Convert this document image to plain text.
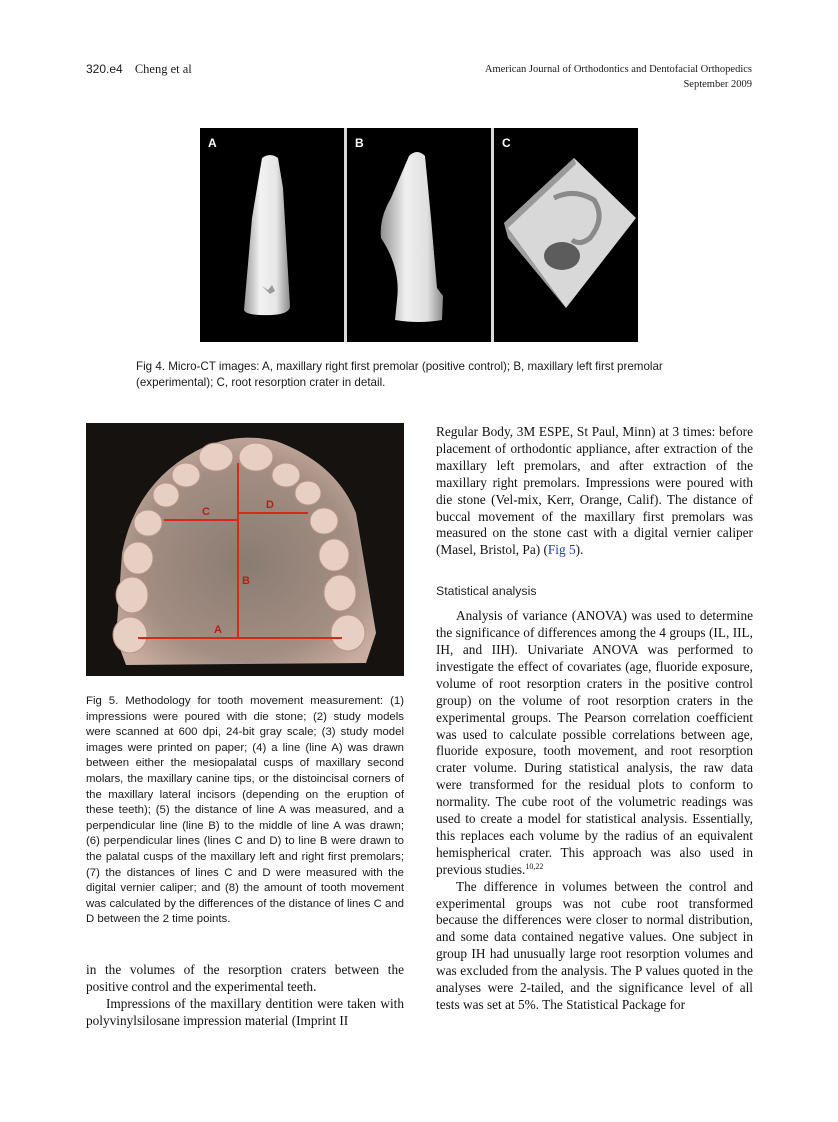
320.e4 Cheng et al	American Journal of Orthodontics and Dentofacial Orthopedics
September 2009
A	B	C
Fig 4. Micro-CT images: A, maxillary right first premolar (positive control); B, maxillary left first premolar (experimental); C, root resorption crater in detail.
C
D
B
A
Fig 5. Methodology for tooth movement measurement: (1) impressions were poured with die stone; (2) study models were scanned at 600 dpi, 24-bit gray scale; (3) study model images were printed on paper; (4) a line (line A) was drawn between either the mesiopalatal cusps of maxillary second molars, the maxillary canine tips, or the distoincisal corners of the maxillary lateral incisors (depending on the eruption of these teeth); (5) the distance of line A was measured, and a perpendicular line (line B) to the middle of line A was drawn; (6) perpendicular lines (lines C and D) to line B were drawn to the palatal cusps of the maxillary left and right first premolars; (7) the distances of lines C and D were measured with the digital vernier caliper; and (8) the amount of tooth movement was calculated by the differences of the distance of lines C and D between the 2 time points.

in the volumes of the resorption craters between the positive control and the experimental teeth.

Impressions of the maxillary dentition were taken with polyvinylsilosane impression material (Imprint II

Regular Body, 3M ESPE, St Paul, Minn) at 3 times: before placement of orthodontic appliance, after extraction of the maxillary left premolars, and after extraction of the maxillary right premolars. Impressions were poured with die stone (Vel-mix, Kerr, Orange, Calif). The distance of buccal movement of the maxillary first premolars was measured on the stone cast with a digital vernier caliper (Masel, Bristol, Pa) (Fig 5).

Statistical analysis

Analysis of variance (ANOVA) was used to determine the significance of differences among the 4 groups (IL, IIL, IH, and IIH). Univariate ANOVA was performed to investigate the effect of covariates (age, fluoride exposure, volume of root resorption craters in the positive control group) on the volume of root resorption craters in the experimental groups. The Pearson correlation coefficient was used to calculate possible correlations between age, fluoride exposure, tooth movement, and root resorption crater volume. During statistical analysis, the raw data were transformed for the residual plots to conform to normality. The cube root of the volumetric readings was used to create a model for statistical analysis. Essentially, this replaces each volume by the radius of an equivalent hemispherical crater. This approach was also used in previous studies.$^{10,22}$

The difference in volumes between the control and experimental groups was not cube root transformed because the differences were closer to normal distribution, and some data contained negative values. One subject in group IH had unusually large root resorption volumes and was excluded from the analysis. The P values quoted in the analyses were 2-tailed, and the significance level of all tests was set at 5%. The Statistical Package for
